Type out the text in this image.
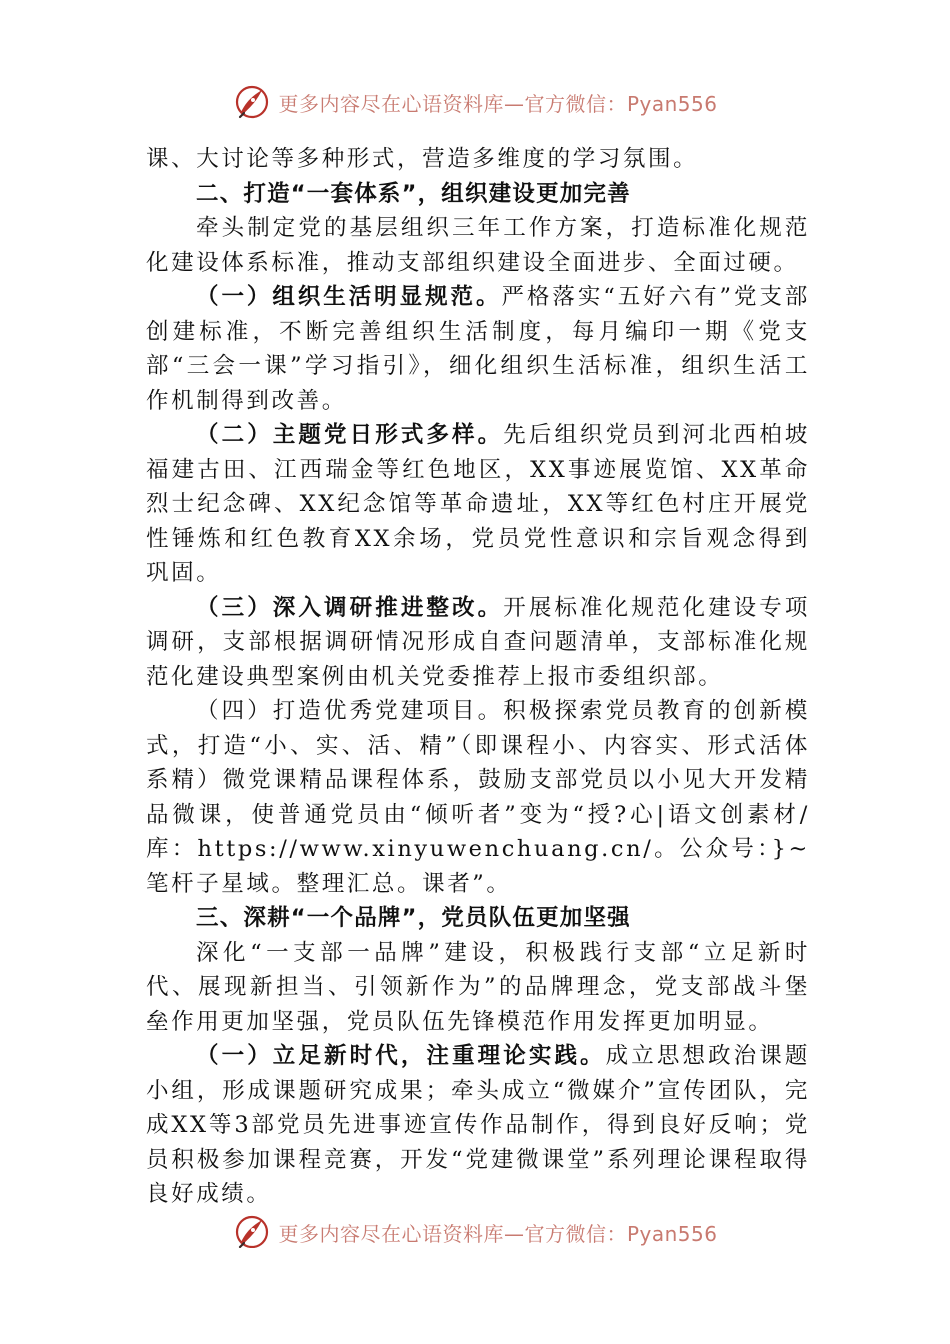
更多内容尽在心语资料库—官方微信：Pyan556

课、大讨论等多种形式，营造多维度的学习氛围。

二、打造“一套体系”，组织建设更加完善

牵头制定党的基层组织三年工作方案，打造标准化规范化建设体系标准，推动支部组织建设全面进步、全面过硬。

（一）组织生活明显规范。严格落实“五好六有”党支部创建标准，不断完善组织生活制度，每月编印一期《党支部“三会一课”学习指引》，细化组织生活标准，组织生活工作机制得到改善。

（二）主题党日形式多样。先后组织党员到河北西柏坡福建古田、江西瑞金等红色地区，XX事迹展览馆、XX革命烈士纪念碑、XX纪念馆等革命遗址，XX等红色村庄开展党性锤炼和红色教育XX余场，党员党性意识和宗旨观念得到巩固。

（三）深入调研推进整改。开展标准化规范化建设专项调研，支部根据调研情况形成自查问题清单，支部标准化规范化建设典型案例由机关党委推荐上报市委组织部。

（四）打造优秀党建项目。积极探索党员教育的创新模式，打造“小、实、活、精”（即课程小、内容实、形式活体系精）微党课精品课程体系，鼓励支部党员以小见大开发精品微课，使普通党员由“倾听者”变为“授?心|语文创素材/库：https://www.xinyuwenchuang.cn/。公众号：}~笔杆子星域。整理汇总。课者”。

三、深耕“一个品牌”，党员队伍更加坚强

深化“一支部一品牌”建设，积极践行支部“立足新时代、展现新担当、引领新作为”的品牌理念，党支部战斗堡垒作用更加坚强，党员队伍先锋模范作用发挥更加明显。

（一）立足新时代，注重理论实践。成立思想政治课题小组，形成课题研究成果；牵头成立“微媒介”宣传团队，完成XX等3部党员先进事迹宣传作品制作，得到良好反响；党员积极参加课程竞赛，开发“党建微课堂”系列理论课程取得良好成绩。

更多内容尽在心语资料库—官方微信：Pyan556
